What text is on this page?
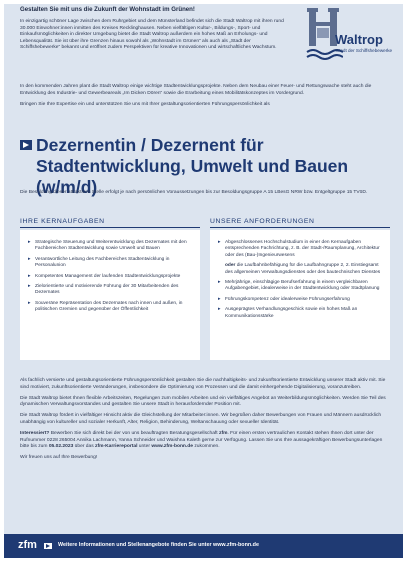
Gestalten Sie mit uns die Zukunft der Wohnstadt im Grünen!
In einzigartig schöner Lage zwischen dem Ruhrgebiet und dem Münsterland befindet sich die Stadt Waltrop mit ihren rund 30.000 Einwohner:innen inmitten des Kreises Recklinghausen. Neben vielfältigen Kultur-, Bildungs-, Sport- und Einkaufsmöglichkeiten in direkter Umgebung bietet die Stadt Waltrop außerdem ein hohes Maß an Erholungs- und Lebensqualität. Sie ist über ihre Grenzen hinaus sowohl als „Wohnstadt im Grünen“ als auch als „Stadt der Schiffshebewerke“ bekannt und eröffnet zudem Perspektiven für kreative Innovationen und wirtschaftliches Wachstum.
Waltrop
Stadt der Schiffshebewerke
In den kommenden Jahren plant die Stadt Waltrop einige wichtige Stadtentwicklungsprojekte. Neben dem Neubau einer Feuer- und Rettungswache steht auch die Entwicklung des Industrie- und Gewerbeareals „Im Dicken Dören“ sowie die Erarbeitung eines Mobilitätskonzeptes im Vordergrund.
Bringen Sie Ihre Expertise ein und unterstützen Sie uns mit Ihrer gestaltungsorientierten Führungspersönlichkeit als
Dezernentin / Dezernent für Stadtentwicklung, Umwelt und Bauen (w/m/d)
Die Besoldung dieser attraktiven Stelle erfolgt je nach persönlichen Voraussetzungen bis zur Besoldungsgruppe A 15 LBesG NRW bzw. Entgeltgruppe 15 TVöD.
IHRE KERNAUFGABEN
▸ Strategische Steuerung und Weiterentwicklung des Dezernates mit den Fachbereichen Stadtentwicklung sowie Umwelt und Bauen
▸ Verantwortliche Leitung des Fachbereiches Stadtentwicklung in Personalunion
▸ Kompetentes Management der laufenden Stadtentwicklungsprojekte
▸ Zielorientierte und motivierende Führung der 30 Mitarbeitenden des Dezernates
▸ Souveräne Repräsentation des Dezernates nach innen und außen, in politischen Gremien und gegenüber der Öffentlichkeit
UNSERE ANFORDERUNGEN
▸ Abgeschlossenes Hochschulstudium in einer den Kernaufgaben entsprechenden Fachrichtung, z. B. der Stadt-/Raumplanung, Architektur oder des (Bau-)Ingenieurwesens
oder die Laufbahnbefähigung für die Laufbahngruppe 2, 2. Einstiegsamt des allgemeinen Verwaltungsdienstes oder des bautechnischen Dienstes
▸ Mehrjährige, einschlägige Berufserfahrung in einem vergleichbaren Aufgabengebiet, idealerweise in der Stadtentwicklung oder Stadtplanung
▸ Führungskompetenz oder idealerweise Führungserfahrung
▸ Ausgeprägtes Verhandlungsgeschick sowie ein hohes Maß an Kommunikationsstärke
Als fachlich versierte und gestaltungsorientierte Führungspersönlichkeit gestalten Sie die nachhaltigkeits- und zukunftsorientierte Entwicklung unserer Stadt aktiv mit. Sie sind motiviert, zukunftsorientierte Veränderungen, insbesondere die Optimierung von Prozessen und die damit einhergehende Digitalisierung, voranzutreiben.
Die Stadt Waltrop bietet Ihnen flexible Arbeitszeiten, Regelungen zum mobilen Arbeiten und ein vielfältiges Angebot an Weiterbildungsmöglichkeiten. Werden Sie Teil des dynamischen Verwaltungsvorstandes und gestalten Sie unsere Stadt in herausfordernder Position mit.
Die Stadt Waltrop fördert in vielfältiger Hinsicht aktiv die Gleichstellung der Mitarbeiter:innen. Wir begrüßen daher Bewerbungen von Frauen und Männern ausdrücklich unabhängig von kultureller und sozialer Herkunft, Alter, Religion, Behinderung, Weltanschauung oder sexueller Identität.
Interessiert? Bewerben Sie sich direkt bei der von uns beauftragten Beratungsgesellschaft zfm. Für einen ersten vertraulichen Kontakt stehen Ihnen dort unter der Rufnummer 0228 265004 Annika Lachmann, Yanna Schneider und Waishna Kaleth gerne zur Verfügung. Lassen Sie uns Ihre aussagekräftigen Bewerbungsunterlagen bitte bis zum 05.02.2023 über das zfm-Karriereportal unter www.zfm-bonn.de zukommen.
Wir freuen uns auf Ihre Bewerbung!
zfm	Weitere Informationen und Stellenangebote finden Sie unter www.zfm-bonn.de
